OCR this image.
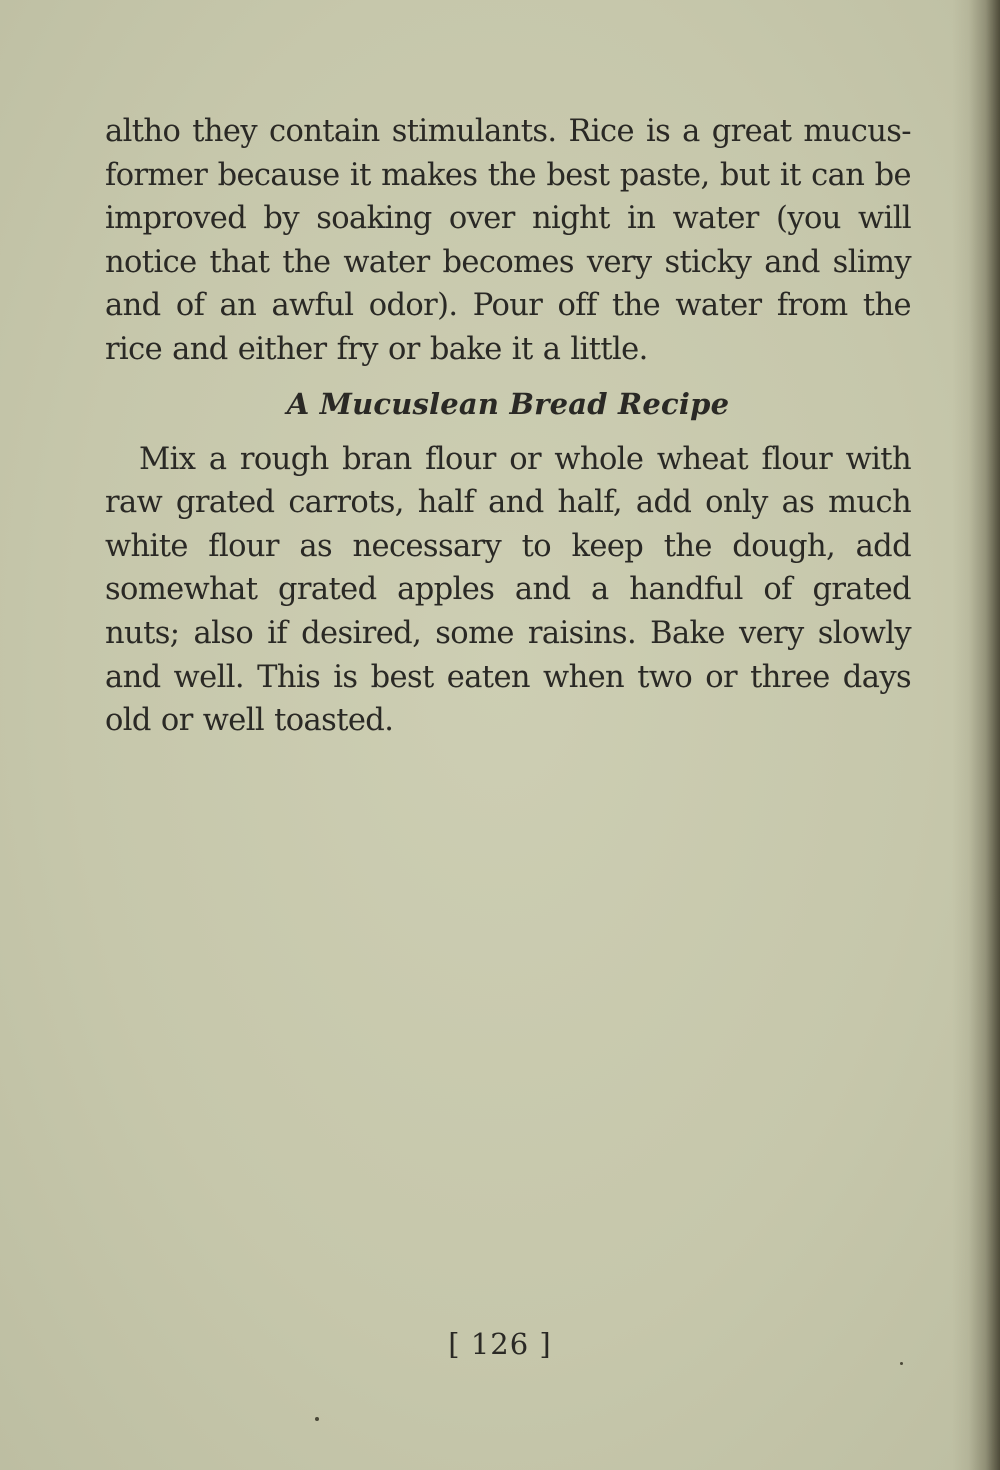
altho they contain stimulants. Rice is a great mucus-former because it makes the best paste, but it can be improved by soaking over night in water (you will notice that the water becomes very sticky and slimy and of an awful odor). Pour off the water from the rice and either fry or bake it a little.

A Mucuslean Bread Recipe

Mix a rough bran flour or whole wheat flour with raw grated carrots, half and half, add only as much white flour as necessary to keep the dough, add somewhat grated apples and a handful of grated nuts; also if desired, some raisins. Bake very slowly and well. This is best eaten when two or three days old or well toasted.

[ 126 ]
